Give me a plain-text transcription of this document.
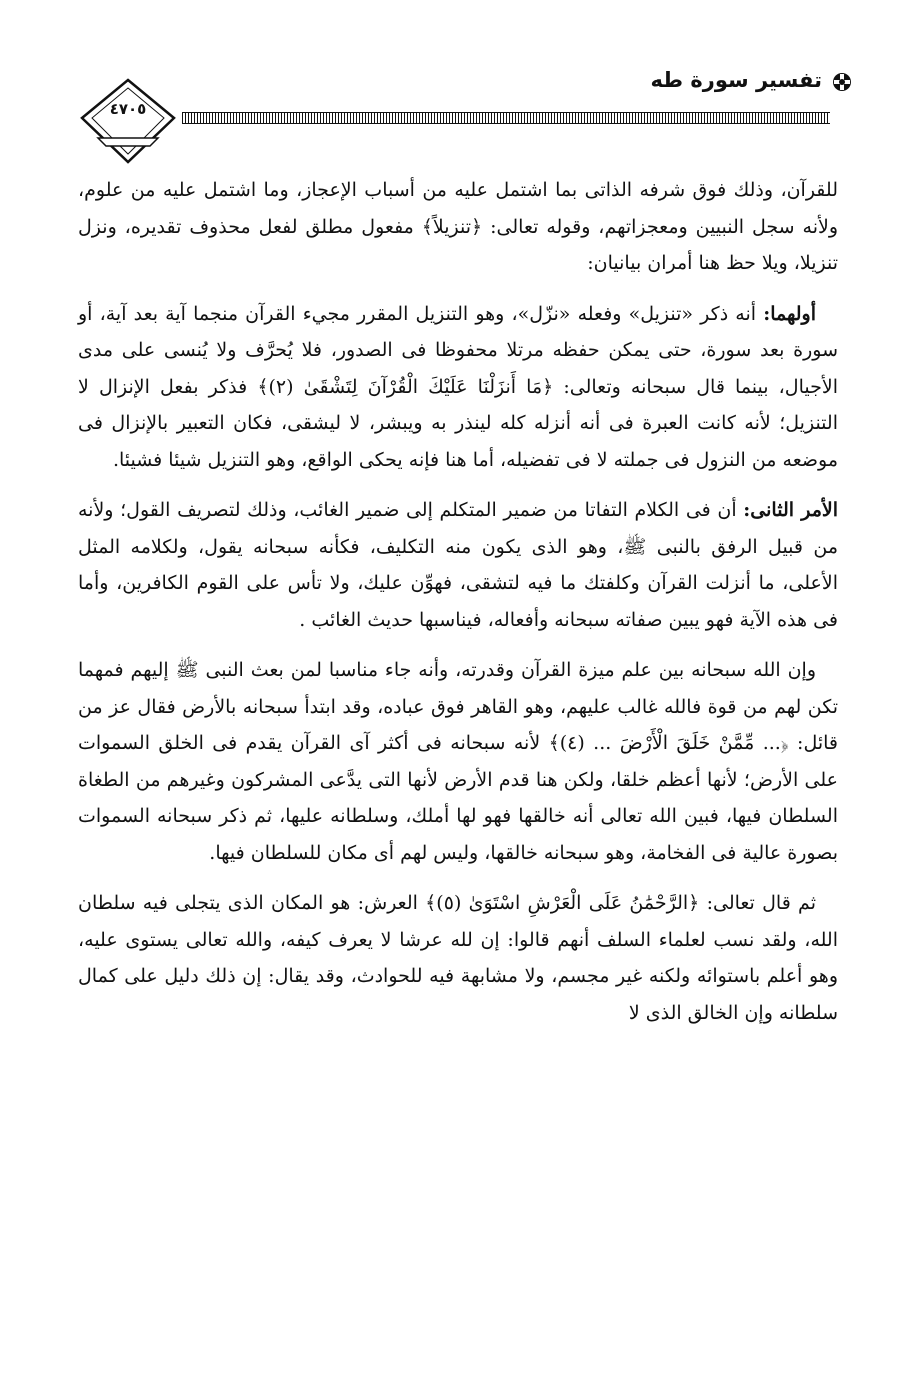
٤٧٠٥
تفسير سورة طه

للقرآن، وذلك فوق شرفه الذاتى بما اشتمل عليه من أسباب الإعجاز، وما اشتمل عليه من علوم، ولأنه سجل النبيين ومعجزاتهم، وقوله تعالى: ﴿تنزيلاً﴾ مفعول مطلق لفعل محذوف تقديره، ونزل تنزيلا، ويلا حظ هنا أمران بيانيان:

أولهما: أنه ذكر «تنزيل» وفعله «نزّل»، وهو التنزيل المقرر مجيء القرآن منجما آية بعد آية، أو سورة بعد سورة، حتى يمكن حفظه مرتلا محفوظا فى الصدور، فلا يُحرَّف ولا يُنسى على مدى الأجيال، بينما قال سبحانه وتعالى: ﴿مَا أَنزَلْنَا عَلَيْكَ الْقُرْآنَ لِتَشْقَىٰ (٢)﴾ فذكر بفعل الإنزال لا التنزيل؛ لأنه كانت العبرة فى أنه أنزله كله لينذر به ويبشر، لا ليشقى، فكان التعبير بالإنزال فى موضعه من النزول فى جملته لا فى تفضيله، أما هنا فإنه يحكى الواقع، وهو التنزيل شيئا فشيئا.

الأمر الثانى: أن فى الكلام التفاتا من ضمير المتكلم إلى ضمير الغائب، وذلك لتصريف القول؛ ولأنه من قبيل الرفق بالنبى ﷺ، وهو الذى يكون منه التكليف، فكأنه سبحانه يقول، ولكلامه المثل الأعلى، ما أنزلت القرآن وكلفتك ما فيه لتشقى، فهوِّن عليك، ولا تأس على القوم الكافرين، وأما فى هذه الآية فهو يبين صفاته سبحانه وأفعاله، فيناسبها حديث الغائب .

وإن الله سبحانه بين علم ميزة القرآن وقدرته، وأنه جاء مناسبا لمن بعث النبى ﷺ إليهم فمهما تكن لهم من قوة فالله غالب عليهم، وهو القاهر فوق عباده، وقد ابتدأ سبحانه بالأرض فقال عز من قائل: ﴿... مِّمَّنْ خَلَقَ الْأَرْضَ ... (٤)﴾ لأنه سبحانه فى أكثر آى القرآن يقدم فى الخلق السموات على الأرض؛ لأنها أعظم خلقا، ولكن هنا قدم الأرض لأنها التى يدَّعى المشركون وغيرهم من الطغاة السلطان فيها، فبين الله تعالى أنه خالقها فهو لها أملك، وسلطانه عليها، ثم ذكر سبحانه السموات بصورة عالية فى الفخامة، وهو سبحانه خالقها، وليس لهم أى مكان للسلطان فيها.

ثم قال تعالى: ﴿الرَّحْمَٰنُ عَلَى الْعَرْشِ اسْتَوَىٰ (٥)﴾ العرش: هو المكان الذى يتجلى فيه سلطان الله، ولقد نسب لعلماء السلف أنهم قالوا: إن لله عرشا لا يعرف كيفه، والله تعالى يستوى عليه، وهو أعلم باستوائه ولكنه غير مجسم، ولا مشابهة فيه للحوادث، وقد يقال: إن ذلك دليل على كمال سلطانه وإن الخالق الذى لا
